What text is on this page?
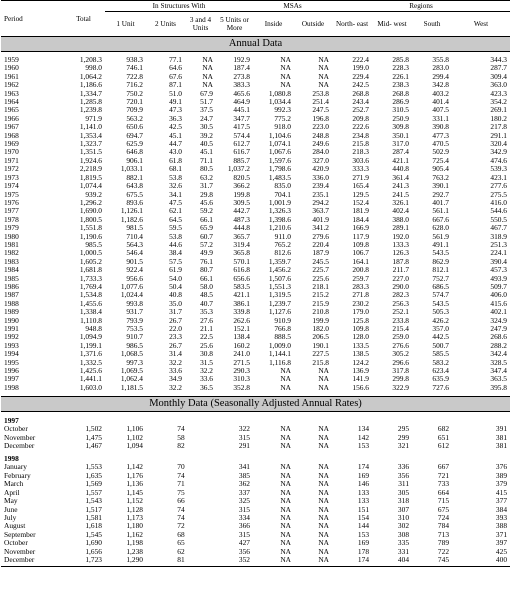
Period	Total	In Structures With				MSAs		Regions			
		1 Unit	2 Units	3 and 4 Units	5 Units or More	Inside	Outside	North- east	Mid- west	South	West
Annual Data											

1959	1,208.3	938.3	77.1	NA	192.9	NA	NA	222.4	285.8	355.8	344.3
1960	998.0	746.1	64.6	NA	187.4	NA	NA	199.0	228.3	283.0	287.7
1961	1,064.2	722.8	67.6	NA	273.8	NA	NA	229.4	226.1	299.4	309.4
1962	1,186.6	716.2	87.1	NA	383.3	NA	NA	242.5	238.3	342.8	363.0
1963	1,334.7	750.2	51.0	67.9	465.6	1,080.8	253.8	268.8	268.8	403.2	423.3
1964	1,285.8	720.1	49.1	51.7	464.9	1,034.4	251.4	243.4	286.9	401.4	354.2
1965	1,239.8	709.9	47.3	37.5	445.1	992.3	247.5	252.7	310.5	407.5	269.1
1966	971.9	563.2	36.3	24.7	347.7	775.2	196.8	209.8	250.9	331.1	180.2
1967	1,141.0	650.6	42.5	30.5	417.5	918.0	223.0	222.6	309.8	390.8	217.8
1968	1,353.4	694.7	45.1	39.2	574.4	1,104.6	248.8	234.8	350.1	477.3	291.1
1969	1,323.7	625.9	44.7	40.5	612.7	1,074.1	249.6	215.8	317.0	470.5	320.4
1970	1,351.5	646.8	43.0	45.1	616.7	1,067.6	284.0	218.3	287.4	502.9	342.9
1971	1,924.6	906.1	61.8	71.1	885.7	1,597.6	327.0	303.6	421.1	725.4	474.6
1972	2,218.9	1,033.1	68.1	80.5	1,037.2	1,798.6	420.9	333.3	440.8	905.4	539.3
1973	1,819.5	882.1	53.8	63.2	820.5	1,483.5	336.0	271.9	361.4	763.2	423.1
1974	1,074.4	643.8	32.6	31.7	366.2	835.0	239.4	165.4	241.3	390.1	277.6
1975	939.2	675.5	34.1	29.8	199.8	704.1	235.1	129.5	241.5	292.7	275.5
1976	1,296.2	893.6	47.5	45.6	309.5	1,001.9	294.2	152.4	326.1	401.7	416.0
1977	1,690.0	1,126.1	62.1	59.2	442.7	1,326.3	363.7	181.9	402.4	561.1	544.6
1978	1,800.5	1,182.6	64.5	66.1	487.3	1,398.6	401.9	184.4	388.0	667.6	550.5
1979	1,551.8	981.5	59.5	65.9	444.8	1,210.6	341.2	166.9	289.1	628.0	467.7
1980	1,190.6	710.4	53.8	60.7	365.7	911.0	279.6	117.9	192.0	561.9	318.9
1981	985.5	564.3	44.6	57.2	319.4	765.2	220.4	109.8	133.3	491.1	251.3
1982	1,000.5	546.4	38.4	49.9	365.8	812.6	187.9	106.7	126.3	543.5	224.1
1983	1,605.2	901.5	57.5	76.1	570.1	1,359.7	245.5	164.1	187.8	862.9	390.4
1984	1,681.8	922.4	61.9	80.7	616.8	1,456.2	225.7	200.8	211.7	812.1	457.3
1985	1,733.3	956.6	54.0	66.1	656.6	1,507.6	225.6	259.7	227.0	752.7	493.9
1986	1,769.4	1,077.6	50.4	58.0	583.5	1,551.3	218.1	283.3	290.0	686.5	509.7
1987	1,534.8	1,024.4	40.8	48.5	421.1	1,319.5	215.2	271.8	282.3	574.7	406.0
1988	1,455.6	993.8	35.0	40.7	386.1	1,239.7	215.9	230.2	256.3	543.5	415.6
1989	1,338.4	931.7	31.7	35.3	339.8	1,127.6	210.8	179.0	252.1	505.3	402.1
1990	1,110.8	793.9	26.7	27.6	262.6	910.9	199.9	125.8	233.8	426.2	324.9
1991	948.8	753.5	22.0	21.1	152.1	766.8	182.0	109.8	215.4	357.0	247.9
1992	1,094.9	910.7	23.3	22.5	138.4	888.5	206.5	128.0	259.0	442.5	268.6
1993	1,199.1	986.5	26.7	25.6	160.2	1,009.0	190.1	133.5	276.6	500.7	288.2
1994	1,371.6	1,068.5	31.4	30.8	241.0	1,144.1	227.5	138.5	305.2	585.5	342.4
1995	1,332.5	997.3	32.2	31.5	271.5	1,116.8	215.8	124.2	296.6	583.2	328.5
1996	1,425.6	1,069.5	33.6	32.2	290.3	NA	NA	136.9	317.8	623.4	347.4
1997	1,441.1	1,062.4	34.9	33.6	310.3	NA	NA	141.9	299.8	635.9	363.5
1998	1,603.0	1,181.5	32.2	36.5	352.8	NA	NA	156.6	322.9	727.6	395.8

Monthly Data (Seasonally Adjusted Annual Rates)											

1997											
October	1,502	1,106	74		322	NA	NA	134	295	682	391
November	1,475	1,102	58		315	NA	NA	142	299	651	381
December	1,467	1,094	82		291	NA	NA	153	321	612	381

1998											
January	1,553	1,142	70		341	NA	NA	174	336	667	376
February	1,635	1,176	74		385	NA	NA	169	356	721	389
March	1,569	1,136	71		362	NA	NA	146	311	733	379
April	1,557	1,145	75		337	NA	NA	133	305	664	415
May	1,543	1,152	66		325	NA	NA	133	318	715	377
June	1,517	1,128	74		315	NA	NA	151	307	675	384
July	1,581	1,173	74		334	NA	NA	154	310	724	393
August	1,618	1,180	72		366	NA	NA	144	302	784	388
September	1,545	1,162	68		315	NA	NA	153	308	713	371
October	1,690	1,198	65		427	NA	NA	169	335	789	397
November	1,656	1,238	62		356	NA	NA	178	331	722	425
December	1,723	1,290	81		352	NA	NA	174	404	745	400
